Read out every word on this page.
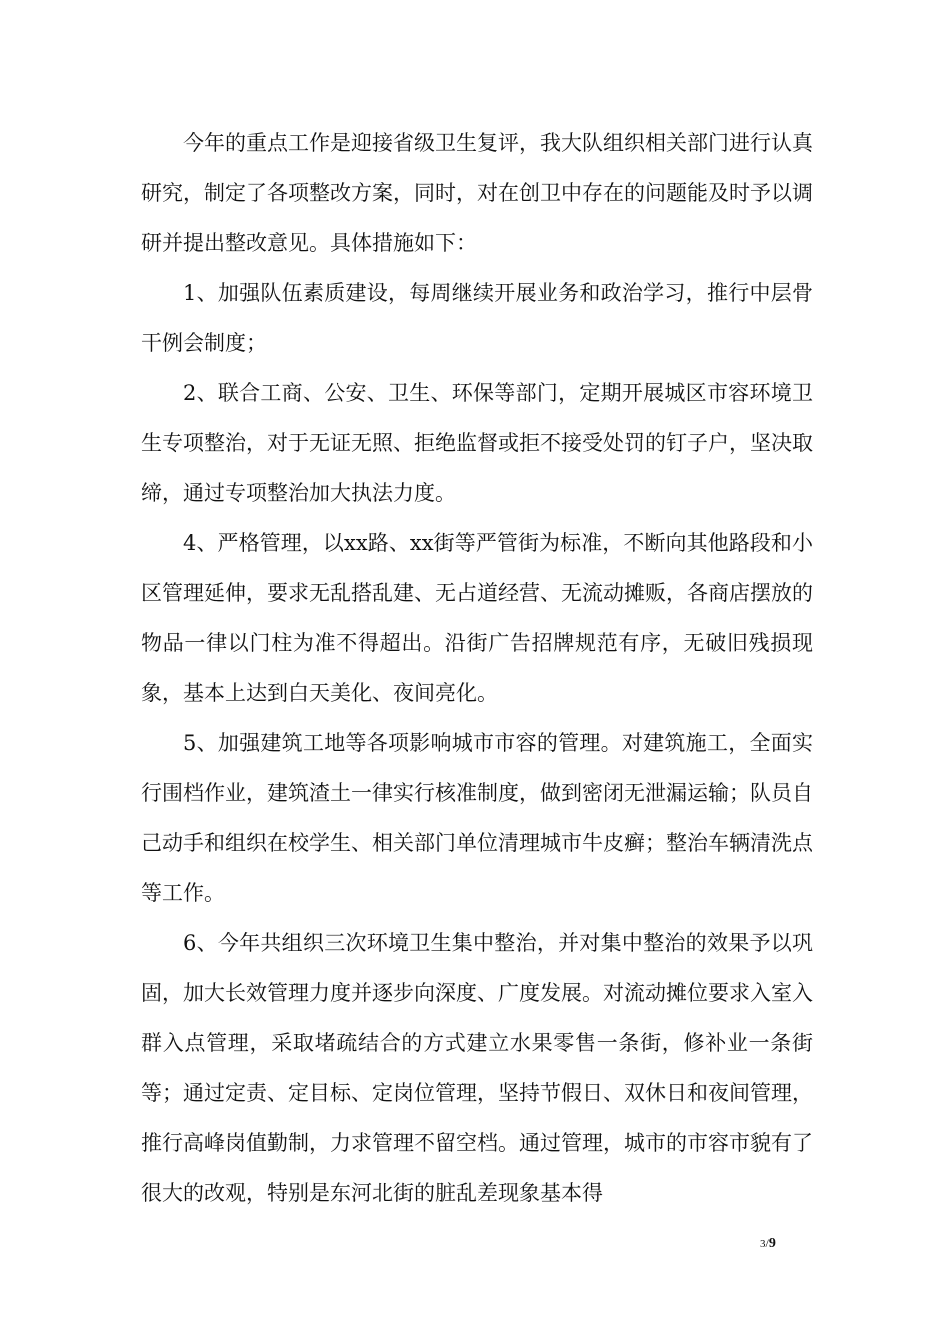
今年的重点工作是迎接省级卫生复评，我大队组织相关部门进行认真研究，制定了各项整改方案，同时，对在创卫中存在的问题能及时予以调研并提出整改意见。具体措施如下：

1、加强队伍素质建设，每周继续开展业务和政治学习，推行中层骨干例会制度；

2、联合工商、公安、卫生、环保等部门，定期开展城区市容环境卫生专项整治，对于无证无照、拒绝监督或拒不接受处罚的钉子户，坚决取缔，通过专项整治加大执法力度。

4、严格管理，以xx路、xx街等严管街为标准，不断向其他路段和小区管理延伸，要求无乱搭乱建、无占道经营、无流动摊贩，各商店摆放的物品一律以门柱为准不得超出。沿街广告招牌规范有序，无破旧残损现象，基本上达到白天美化、夜间亮化。

5、加强建筑工地等各项影响城市市容的管理。对建筑施工，全面实行围档作业，建筑渣土一律实行核准制度，做到密闭无泄漏运输；队员自己动手和组织在校学生、相关部门单位清理城市牛皮癣；整治车辆清洗点等工作。

6、今年共组织三次环境卫生集中整治，并对集中整治的效果予以巩固，加大长效管理力度并逐步向深度、广度发展。对流动摊位要求入室入群入点管理，采取堵疏结合的方式建立水果零售一条街，修补业一条街等；通过定责、定目标、定岗位管理，坚持节假日、双休日和夜间管理，推行高峰岗值勤制，力求管理不留空档。通过管理，城市的市容市貌有了很大的改观，特别是东河北街的脏乱差现象基本得

3/9
